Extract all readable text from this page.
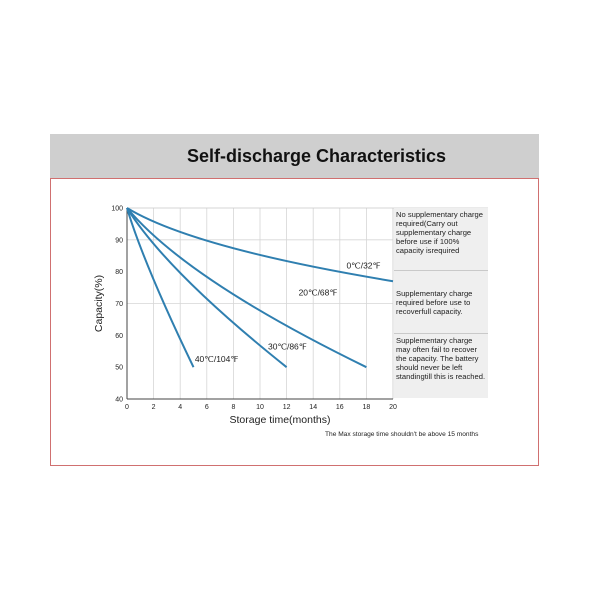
Self-discharge Characteristics
0	2	4	6	8	10	12	14	16	18	20
40
50
60
70
80
90
100
Storage time(months)
Capacity(%)
0℃/32℉
20℃/68℉
30℃/86℉
40℃/104℉
No supplementary charge required(Carry out supplementary charge before use if 100% capacity isrequired
Supplementary charge required before use to recoverfull capacity.
Supplementary charge may often fail to recover the capacity. The battery should never be left standingtill this is reached.
The Max storage time shouldn't be above 15 months
